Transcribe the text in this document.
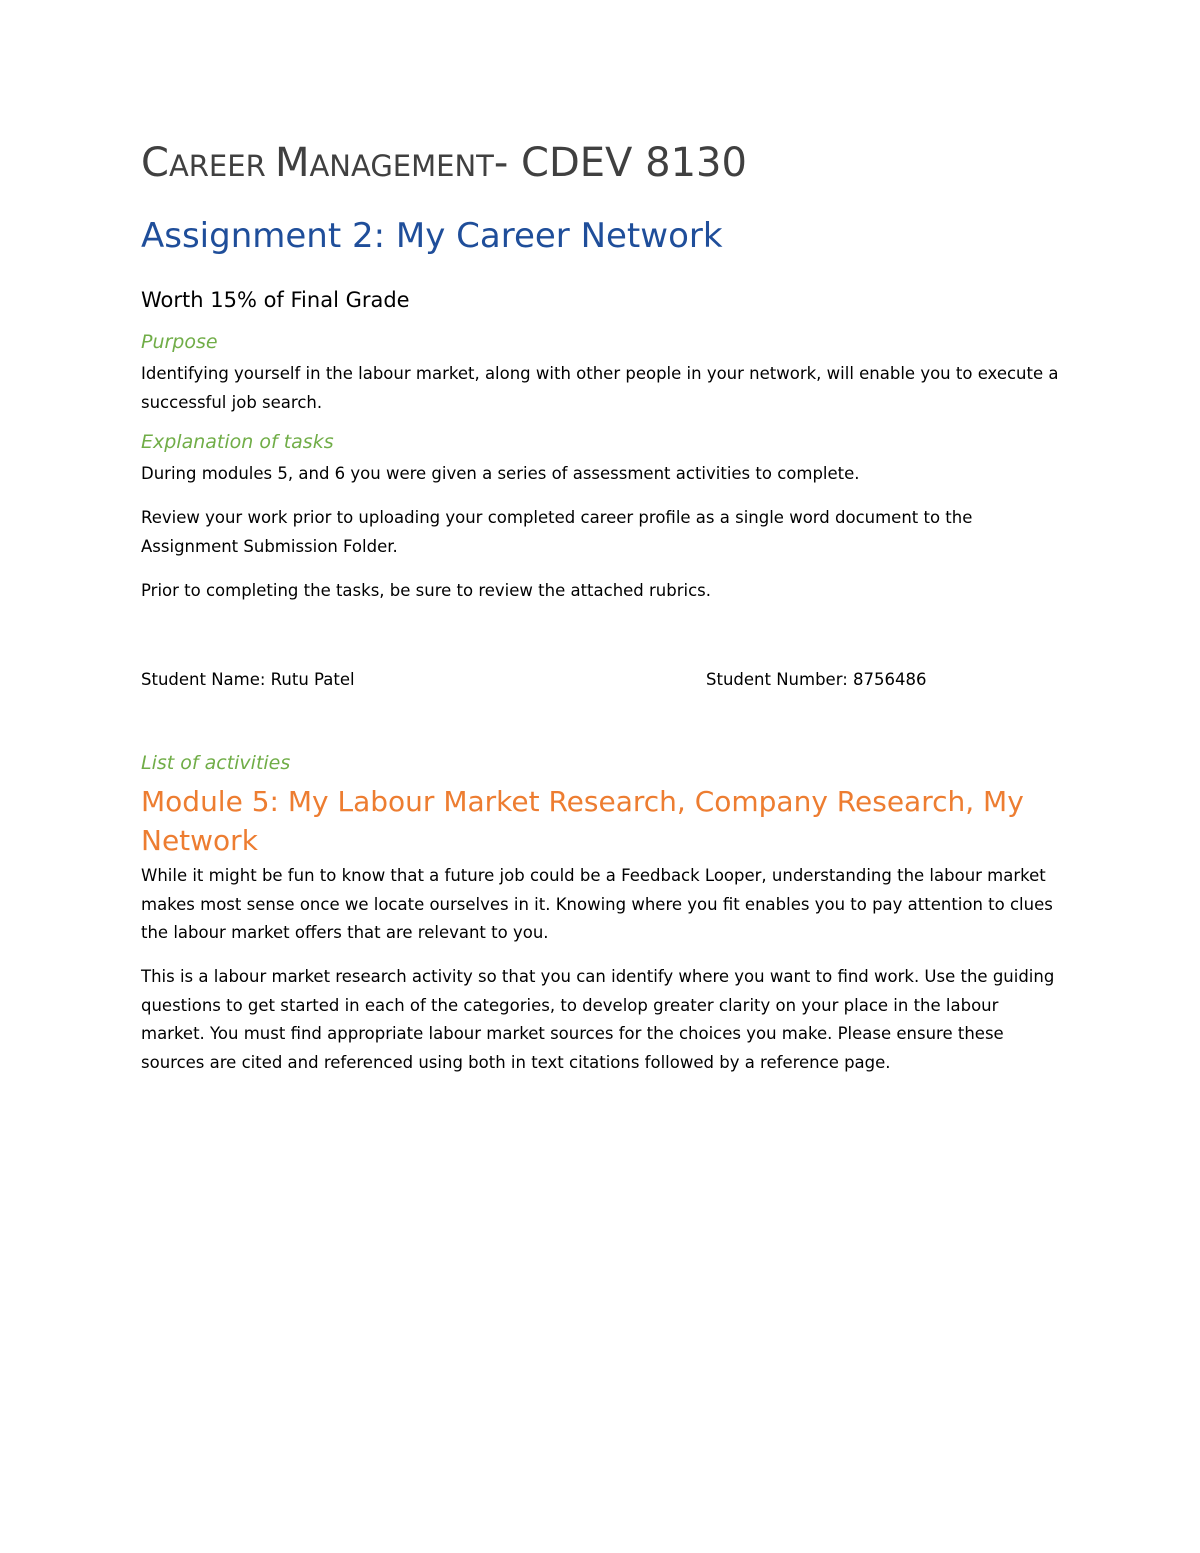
CAREER MANAGEMENT- CDEV 8130
Assignment 2: My Career Network
Worth 15% of Final Grade
Purpose
Identifying yourself in the labour market, along with other people in your network, will enable you to execute a successful job search.
Explanation of tasks
During modules 5, and 6 you were given a series of assessment activities to complete.
Review your work prior to uploading your completed career profile as a single word document to the Assignment Submission Folder.
Prior to completing the tasks, be sure to review the attached rubrics.
Student Name: Rutu Patel	Student Number: 8756486
List of activities
Module 5: My Labour Market Research, Company Research, My Network
While it might be fun to know that a future job could be a Feedback Looper, understanding the labour market makes most sense once we locate ourselves in it. Knowing where you fit enables you to pay attention to clues the labour market offers that are relevant to you.
This is a labour market research activity so that you can identify where you want to find work. Use the guiding questions to get started in each of the categories, to develop greater clarity on your place in the labour market. You must find appropriate labour market sources for the choices you make. Please ensure these sources are cited and referenced using both in text citations followed by a reference page.
